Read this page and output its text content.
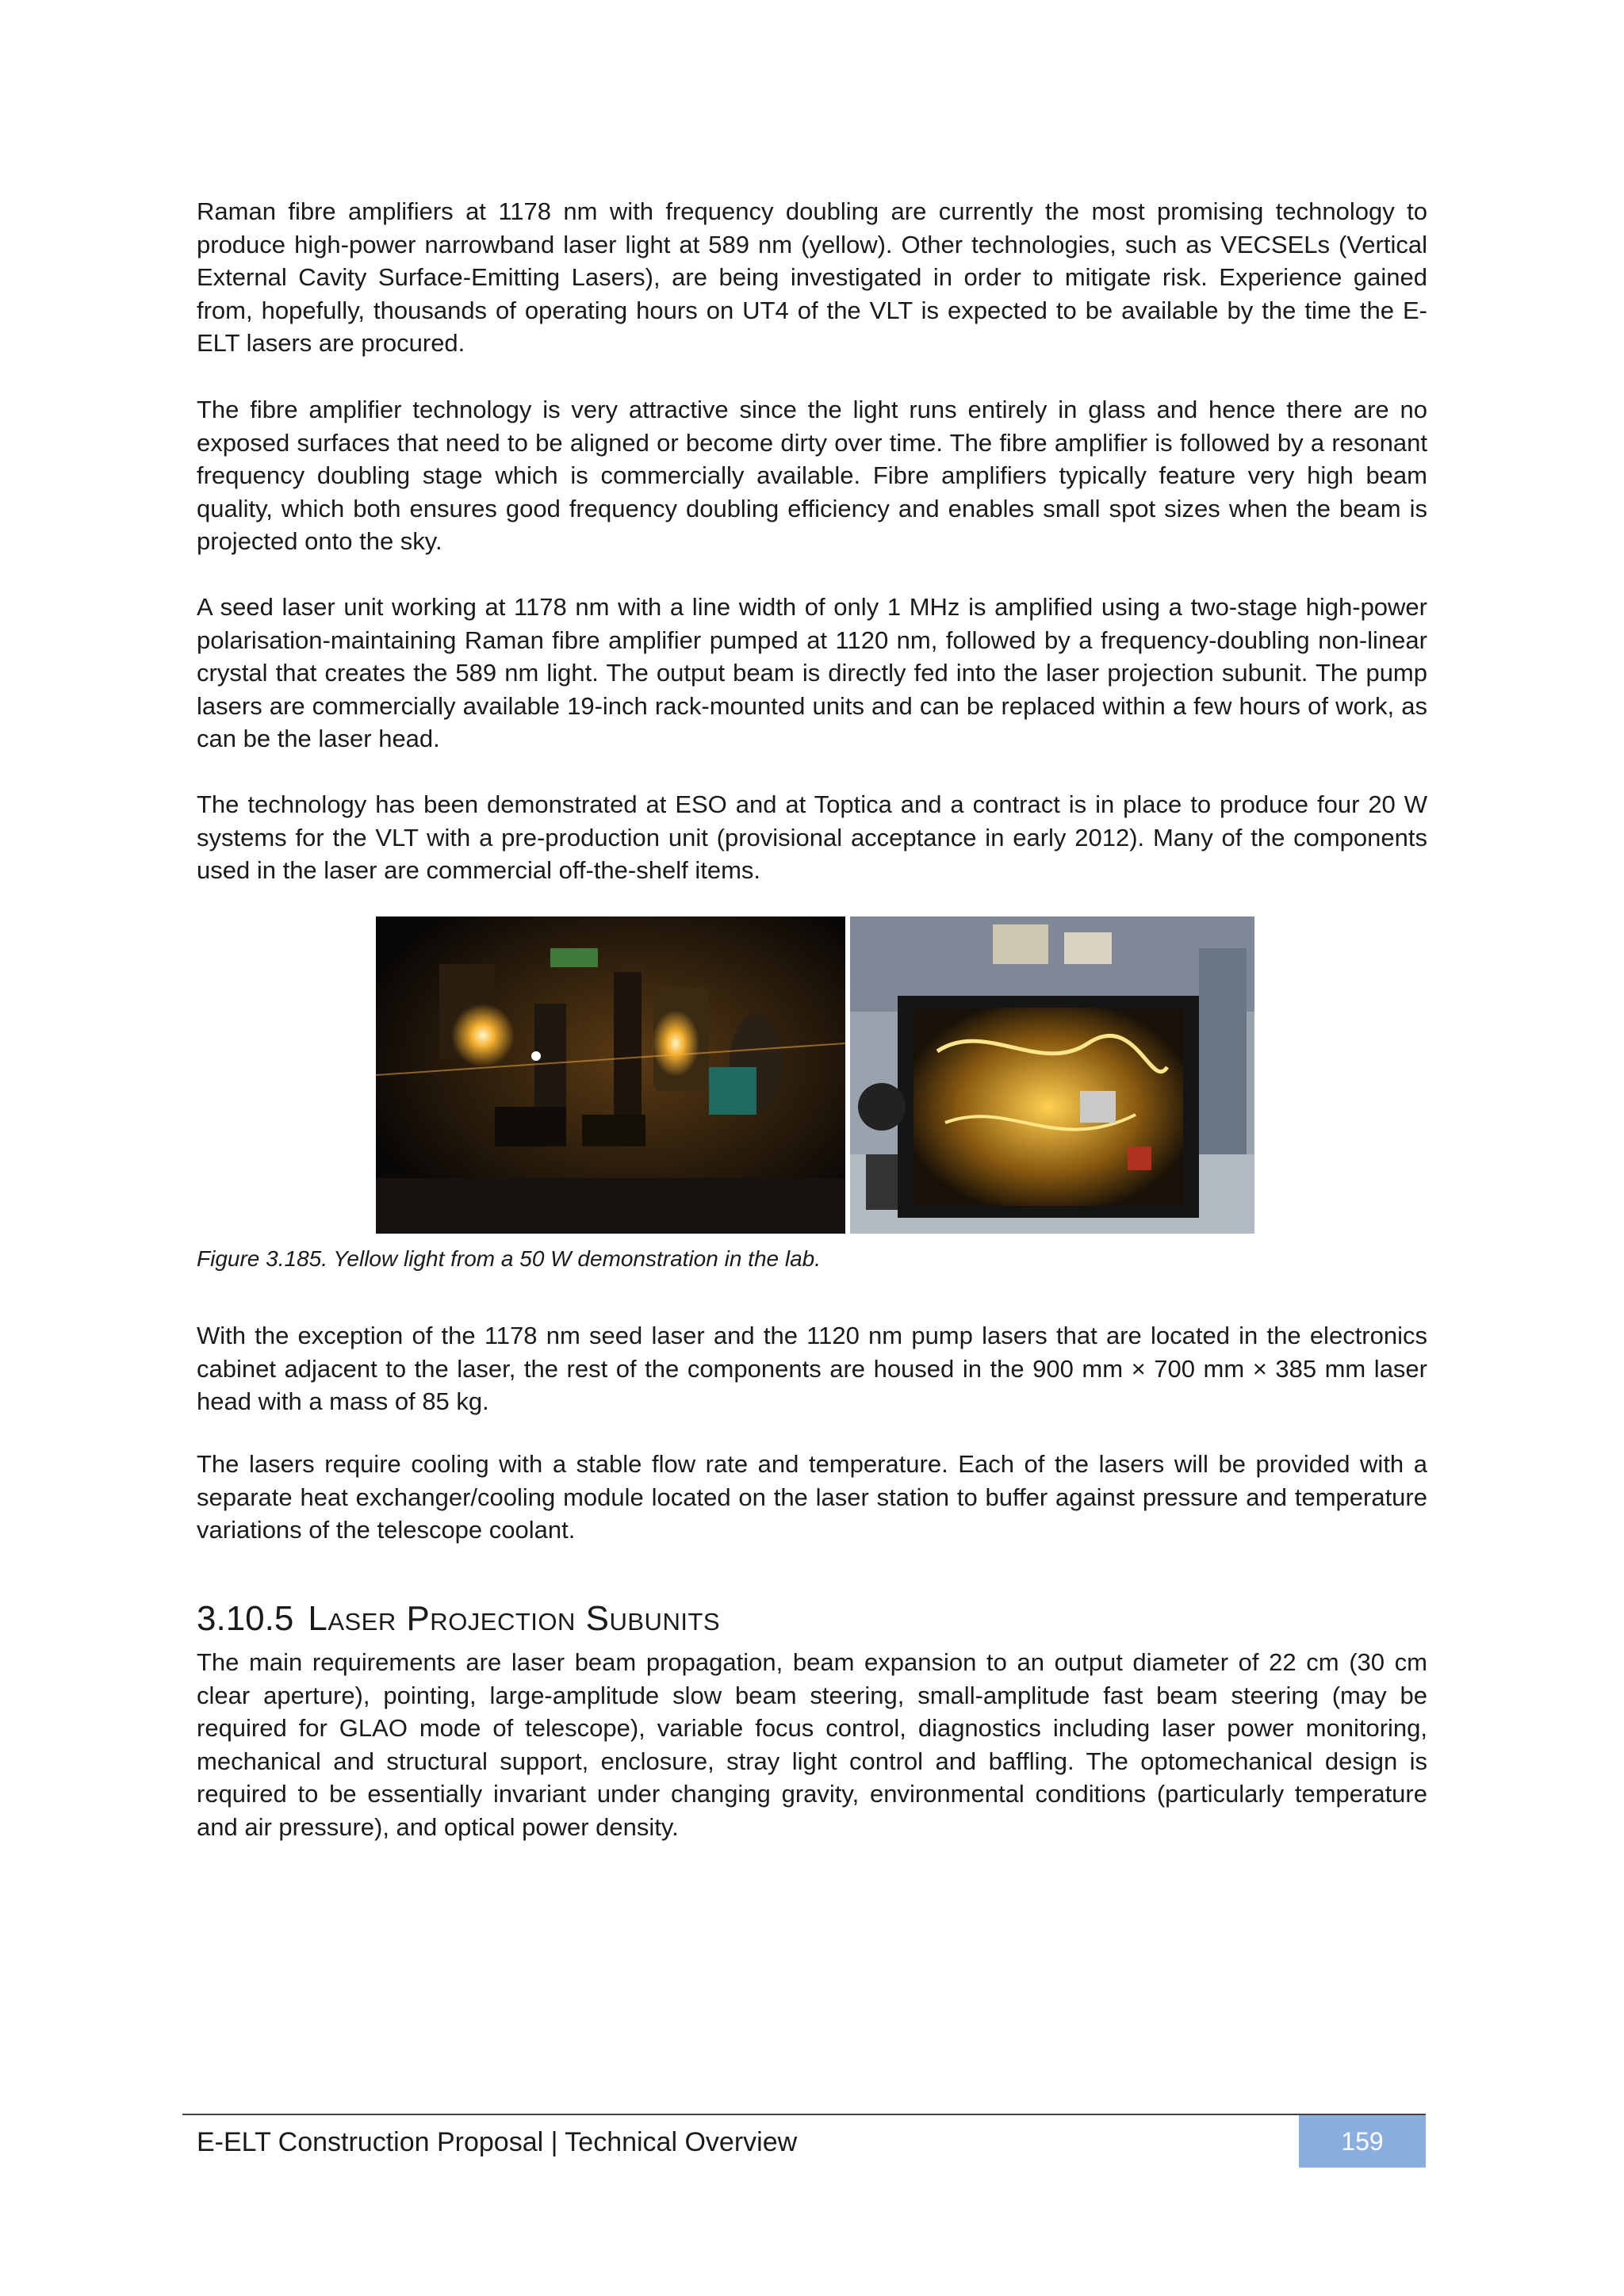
Raman fibre amplifiers at 1178 nm with frequency doubling are currently the most promising technology to produce high-power narrowband laser light at 589 nm (yellow). Other technologies, such as VECSELs (Vertical External Cavity Surface-Emitting Lasers), are being investigated in order to mitigate risk. Experience gained from, hopefully, thousands of operating hours on UT4 of the VLT is expected to be available by the time the E-ELT lasers are procured.

The fibre amplifier technology is very attractive since the light runs entirely in glass and hence there are no exposed surfaces that need to be aligned or become dirty over time. The fibre amplifier is followed by a resonant frequency doubling stage which is commercially available. Fibre amplifiers typically feature very high beam quality, which both ensures good frequency doubling efficiency and enables small spot sizes when the beam is projected onto the sky.

A seed laser unit working at 1178 nm with a line width of only 1 MHz is amplified using a two-stage high-power polarisation-maintaining Raman fibre amplifier pumped at 1120 nm, followed by a frequency-doubling non-linear crystal that creates the 589 nm light. The output beam is directly fed into the laser projection subunit. The pump lasers are commercially available 19-inch rack-mounted units and can be replaced within a few hours of work, as can be the laser head.

The technology has been demonstrated at ESO and at Toptica and a contract is in place to produce four 20 W systems for the VLT with a pre-production unit (provisional acceptance in early 2012). Many of the components used in the laser are commercial off-the-shelf items.

Figure 3.185. Yellow light from a 50 W demonstration in the lab.

With the exception of the 1178 nm seed laser and the 1120 nm pump lasers that are located in the electronics cabinet adjacent to the laser, the rest of the components are housed in the 900 mm × 700 mm × 385 mm laser head with a mass of 85 kg.

The lasers require cooling with a stable flow rate and temperature. Each of the lasers will be provided with a separate heat exchanger/cooling module located on the laser station to buffer against pressure and temperature variations of the telescope coolant.

3.10.5 Laser Projection Subunits

The main requirements are laser beam propagation, beam expansion to an output diameter of 22 cm (30 cm clear aperture), pointing, large-amplitude slow beam steering, small-amplitude fast beam steering (may be required for GLAO mode of telescope), variable focus control, diagnostics including laser power monitoring, mechanical and structural support, enclosure, stray light control and baffling. The optomechanical design is required to be essentially invariant under changing gravity, environmental conditions (particularly temperature and air pressure), and optical power density.

E-ELT Construction Proposal | Technical Overview	159
